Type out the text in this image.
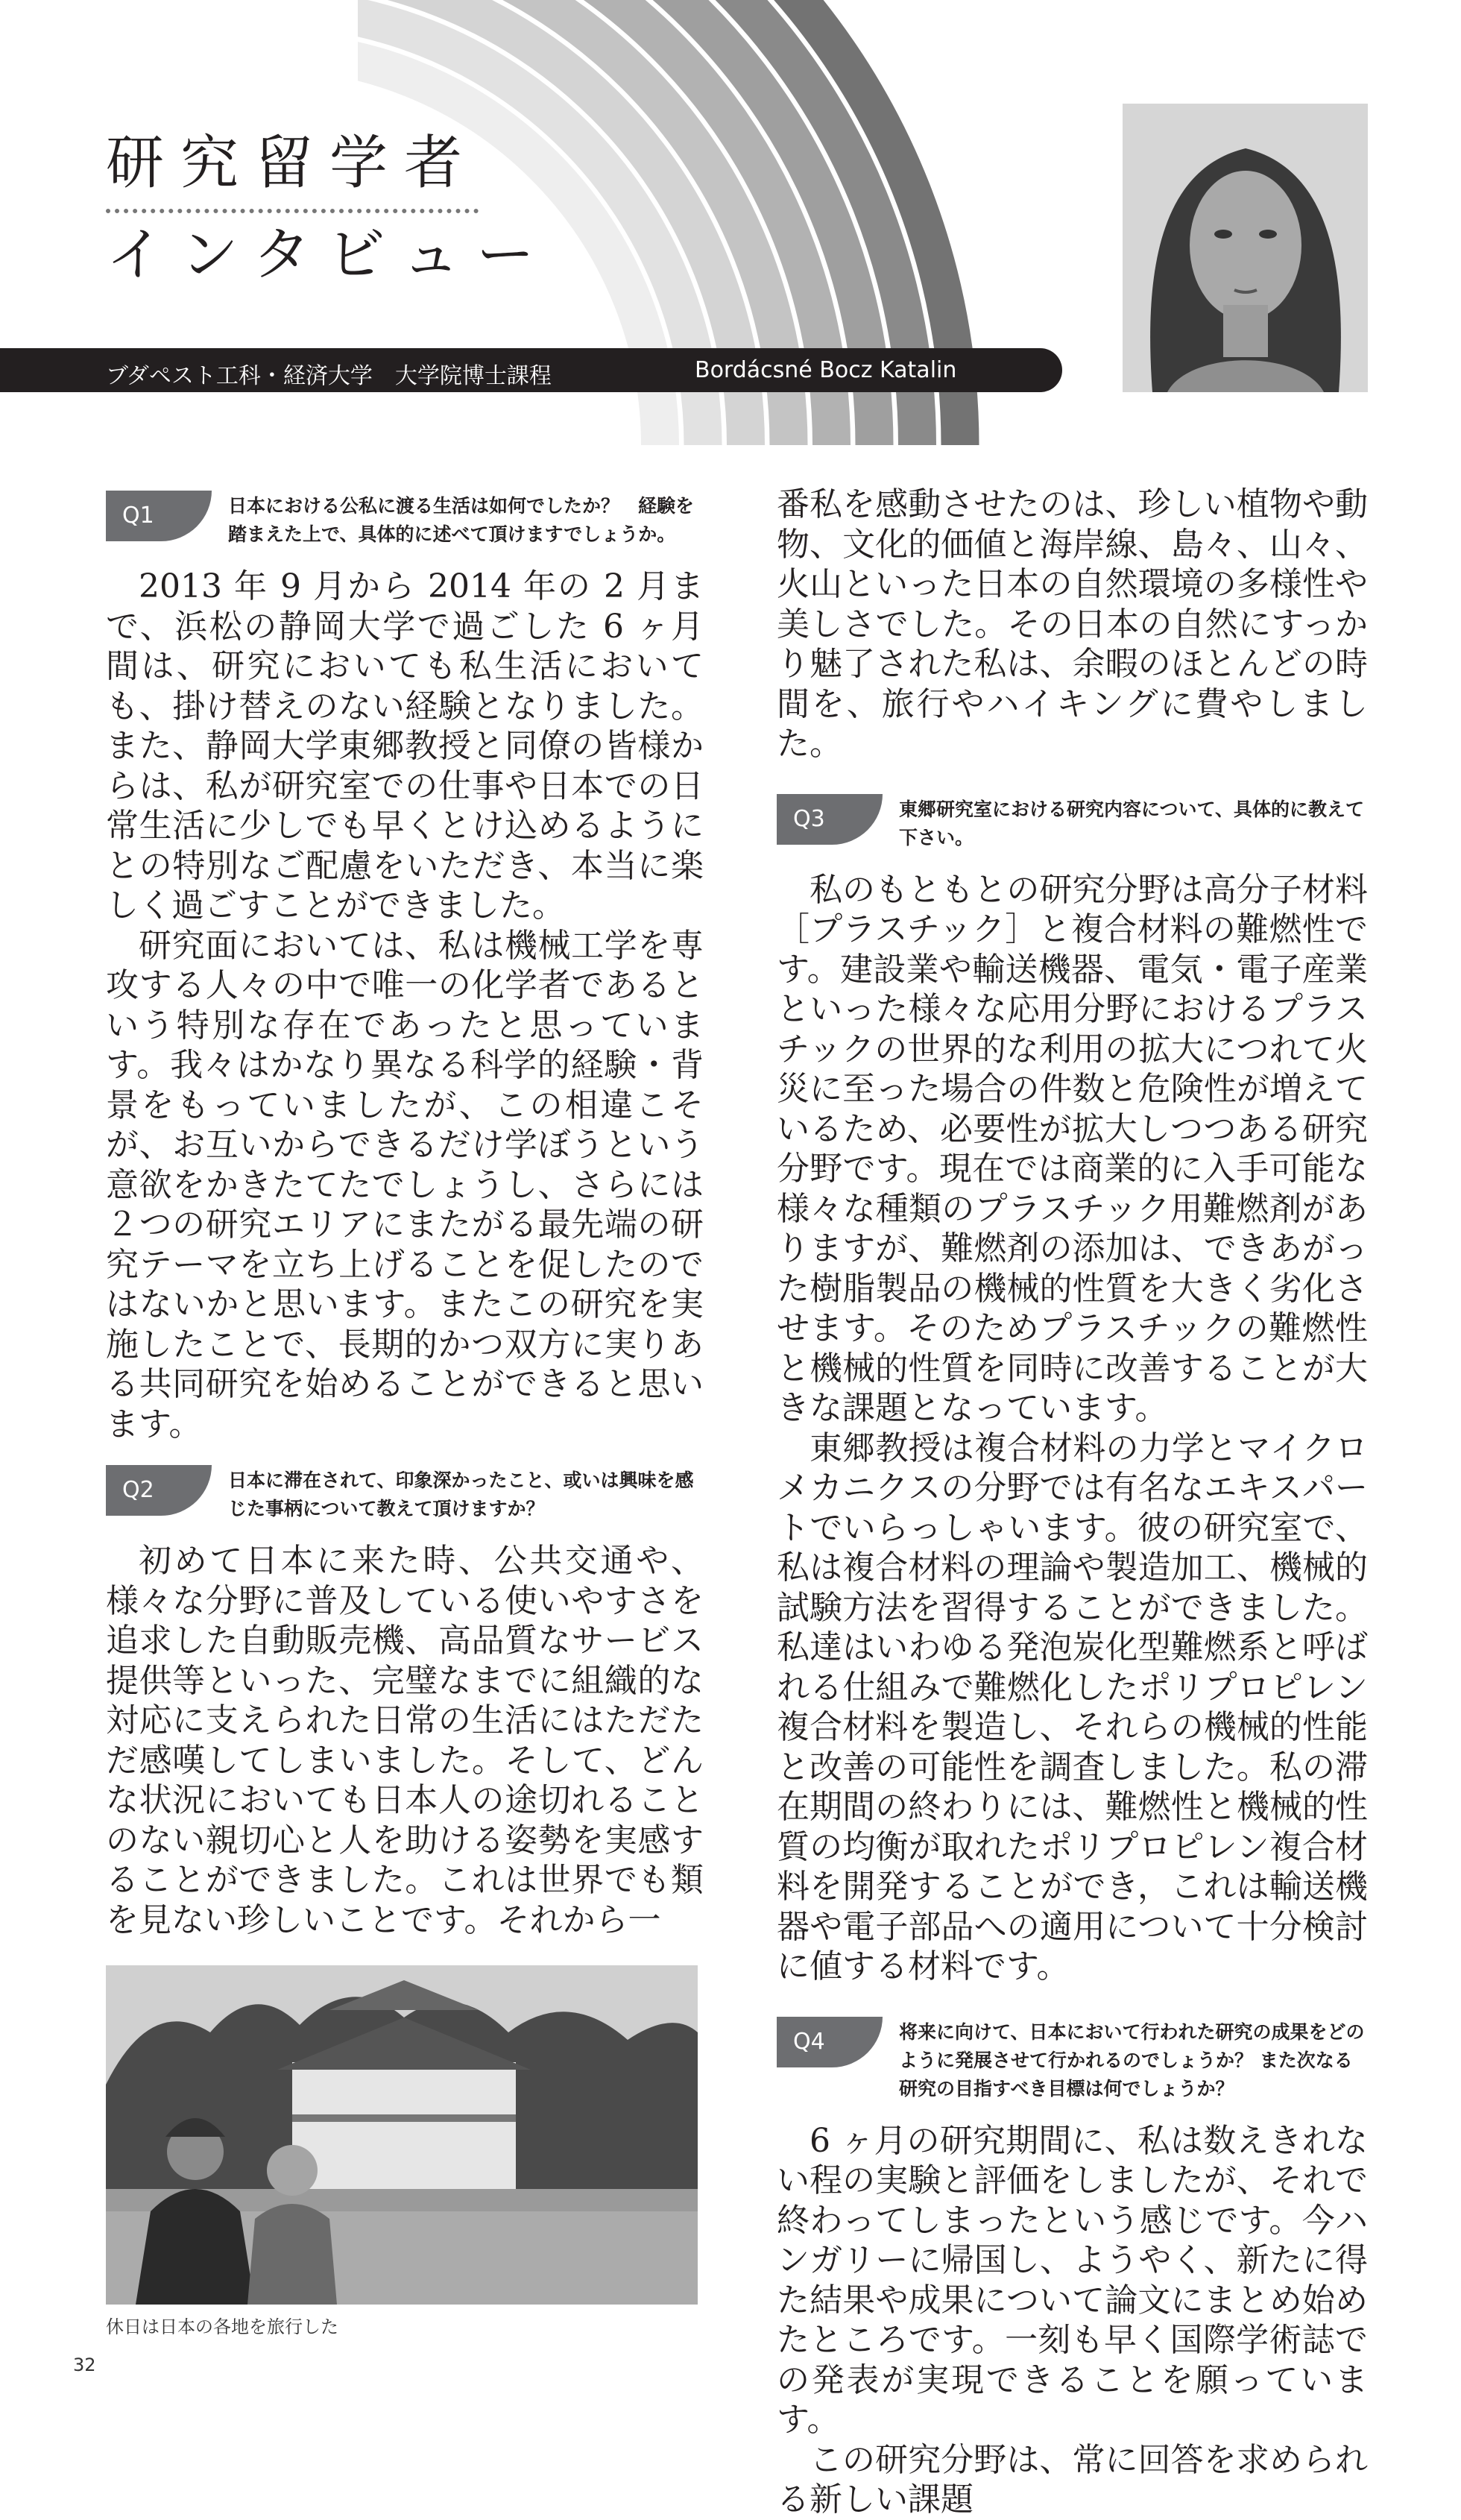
研究留学者
インタビュー
ブダペスト工科・経済大学　大学院博士課程	Bordácsné Bocz Katalin
Q1	日本における公私に渡る生活は如何でしたか？　経験を踏まえた上で、具体的に述べて頂けますでしょうか。

2013 年 9 月から 2014 年の 2 月まで、浜松の静岡大学で過ごした 6 ヶ月間は、研究においても私生活においても、掛け替えのない経験となりました。また、静岡大学東郷教授と同僚の皆様からは、私が研究室での仕事や日本での日常生活に少しでも早くとけ込めるようにとの特別なご配慮をいただき、本当に楽しく過ごすことができました。

研究面においては、私は機械工学を専攻する人々の中で唯一の化学者であるという特別な存在であったと思っています。我々はかなり異なる科学的経験・背景をもっていましたが、この相違こそが、お互いからできるだけ学ぼうという意欲をかきたてたでしょうし、さらには２つの研究エリアにまたがる最先端の研究テーマを立ち上げることを促したのではないかと思います。またこの研究を実施したことで、長期的かつ双方に実りある共同研究を始めることができると思います。

Q2	日本に滞在されて、印象深かったこと、或いは興味を感じた事柄について教えて頂けますか？

初めて日本に来た時、公共交通や、様々な分野に普及している使いやすさを追求した自動販売機、高品質なサービス提供等といった、完璧なまでに組織的な対応に支えられた日常の生活にはただただ感嘆してしまいました。そして、どんな状況においても日本人の途切れることのない親切心と人を助ける姿勢を実感することができました。これは世界でも類を見ない珍しいことです。それから一

休日は日本の各地を旅行した
32

番私を感動させたのは、珍しい植物や動物、文化的価値と海岸線、島々、山々、火山といった日本の自然環境の多様性や美しさでした。その日本の自然にすっかり魅了された私は、余暇のほとんどの時間を、旅行やハイキングに費やしました。

Q3	東郷研究室における研究内容について、具体的に教えて下さい。

私のもともとの研究分野は高分子材料［プラスチック］と複合材料の難燃性です。建設業や輸送機器、電気・電子産業といった様々な応用分野におけるプラスチックの世界的な利用の拡大につれて火災に至った場合の件数と危険性が増えているため、必要性が拡大しつつある研究分野です。現在では商業的に入手可能な様々な種類のプラスチック用難燃剤がありますが、難燃剤の添加は、できあがった樹脂製品の機械的性質を大きく劣化させます。そのためプラスチックの難燃性と機械的性質を同時に改善することが大きな課題となっています。

東郷教授は複合材料の力学とマイクロメカニクスの分野では有名なエキスパートでいらっしゃいます。彼の研究室で、私は複合材料の理論や製造加工、機械的試験方法を習得することができました。私達はいわゆる発泡炭化型難燃系と呼ばれる仕組みで難燃化したポリプロピレン複合材料を製造し、それらの機械的性能と改善の可能性を調査しました。私の滞在期間の終わりには、難燃性と機械的性質の均衡が取れたポリプロピレン複合材料を開発することができ，これは輸送機器や電子部品への適用について十分検討に値する材料です。

Q4	将来に向けて、日本において行われた研究の成果をどのように発展させて行かれるのでしょうか？ また次なる研究の目指すべき目標は何でしょうか？

6 ヶ月の研究期間に、私は数えきれない程の実験と評価をしましたが、それで終わってしまったという感じです。今ハンガリーに帰国し、ようやく、新たに得た結果や成果について論文にまとめ始めたところです。一刻も早く国際学術誌での発表が実現できることを願っています。

この研究分野は、常に回答を求められる新しい課題
